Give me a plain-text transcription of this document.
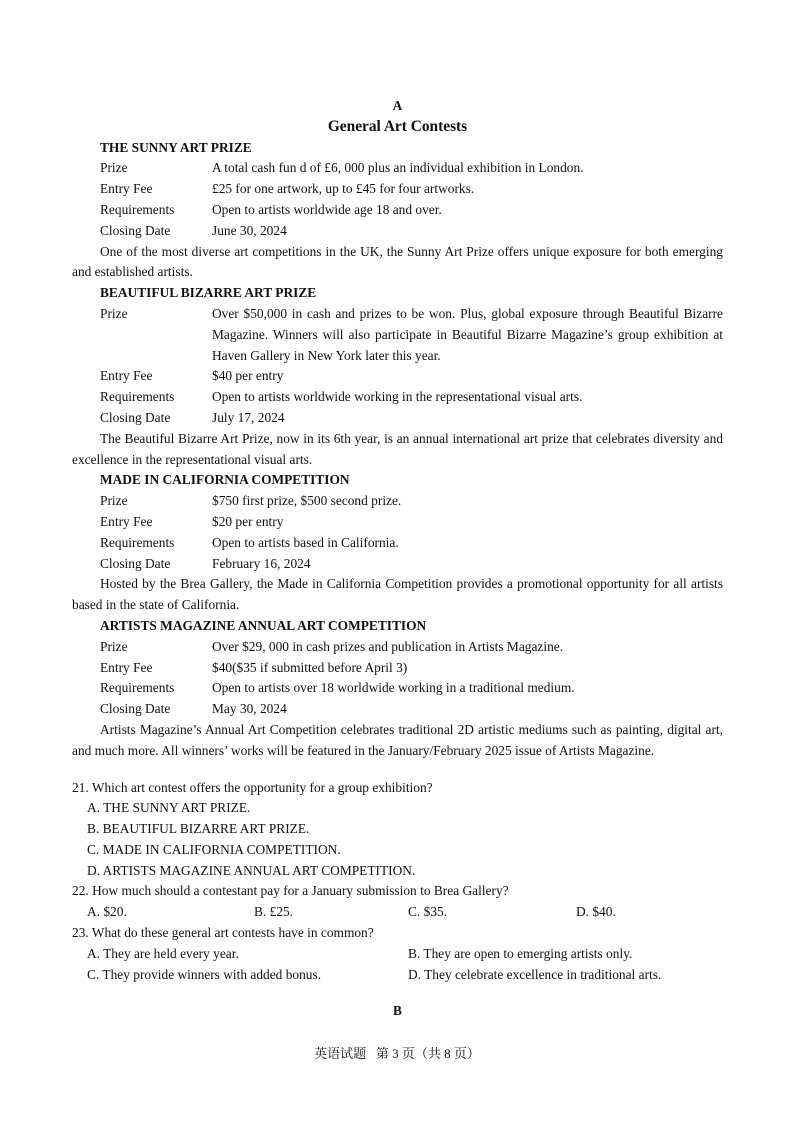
A
General Art Contests
THE SUNNY ART PRIZE
Prize	A total cash fun d of £6, 000 plus an individual exhibition in London.
Entry Fee	£25 for one artwork, up to £45 for four artworks.
Requirements	Open to artists worldwide age 18 and over.
Closing Date	June 30, 2024
One of the most diverse art competitions in the UK, the Sunny Art Prize offers unique exposure for both emerging and established artists.
BEAUTIFUL BIZARRE ART PRIZE
Prize	Over $50,000 in cash and prizes to be won. Plus, global exposure through Beautiful Bizarre Magazine. Winners will also participate in Beautiful Bizarre Magazine’s group exhibition at Haven Gallery in New York later this year.
Entry Fee	$40 per entry
Requirements	Open to artists worldwide working in the representational visual arts.
Closing Date	July 17, 2024
The Beautiful Bizarre Art Prize, now in its 6th year, is an annual international art prize that celebrates diversity and excellence in the representational visual arts.
MADE IN CALIFORNIA COMPETITION
Prize	$750 first prize, $500 second prize.
Entry Fee	$20 per entry
Requirements	Open to artists based in California.
Closing Date	February 16, 2024
Hosted by the Brea Gallery, the Made in California Competition provides a promotional opportunity for all artists based in the state of California.
ARTISTS MAGAZINE ANNUAL ART COMPETITION
Prize	Over $29, 000 in cash prizes and publication in Artists Magazine.
Entry Fee	$40($35 if submitted before April 3)
Requirements	Open to artists over 18 worldwide working in a traditional medium.
Closing Date	May 30, 2024
Artists Magazine’s Annual Art Competition celebrates traditional 2D artistic mediums such as painting, digital art, and much more. All winners’ works will be featured in the January/February 2025 issue of Artists Magazine.
21. Which art contest offers the opportunity for a group exhibition?
A. THE SUNNY ART PRIZE.
B. BEAUTIFUL BIZARRE ART PRIZE.
C. MADE IN CALIFORNIA COMPETITION.
D. ARTISTS MAGAZINE ANNUAL ART COMPETITION.
22. How much should a contestant pay for a January submission to Brea Gallery?
A. $20.	B. £25.	C. $35.	D. $40.
23. What do these general art contests have in common?
A. They are held every year.	B. They are open to emerging artists only.
C. They provide winners with added bonus.	D. They celebrate excellence in traditional arts.
B
英语试题   第 3 页（共 8 页）
